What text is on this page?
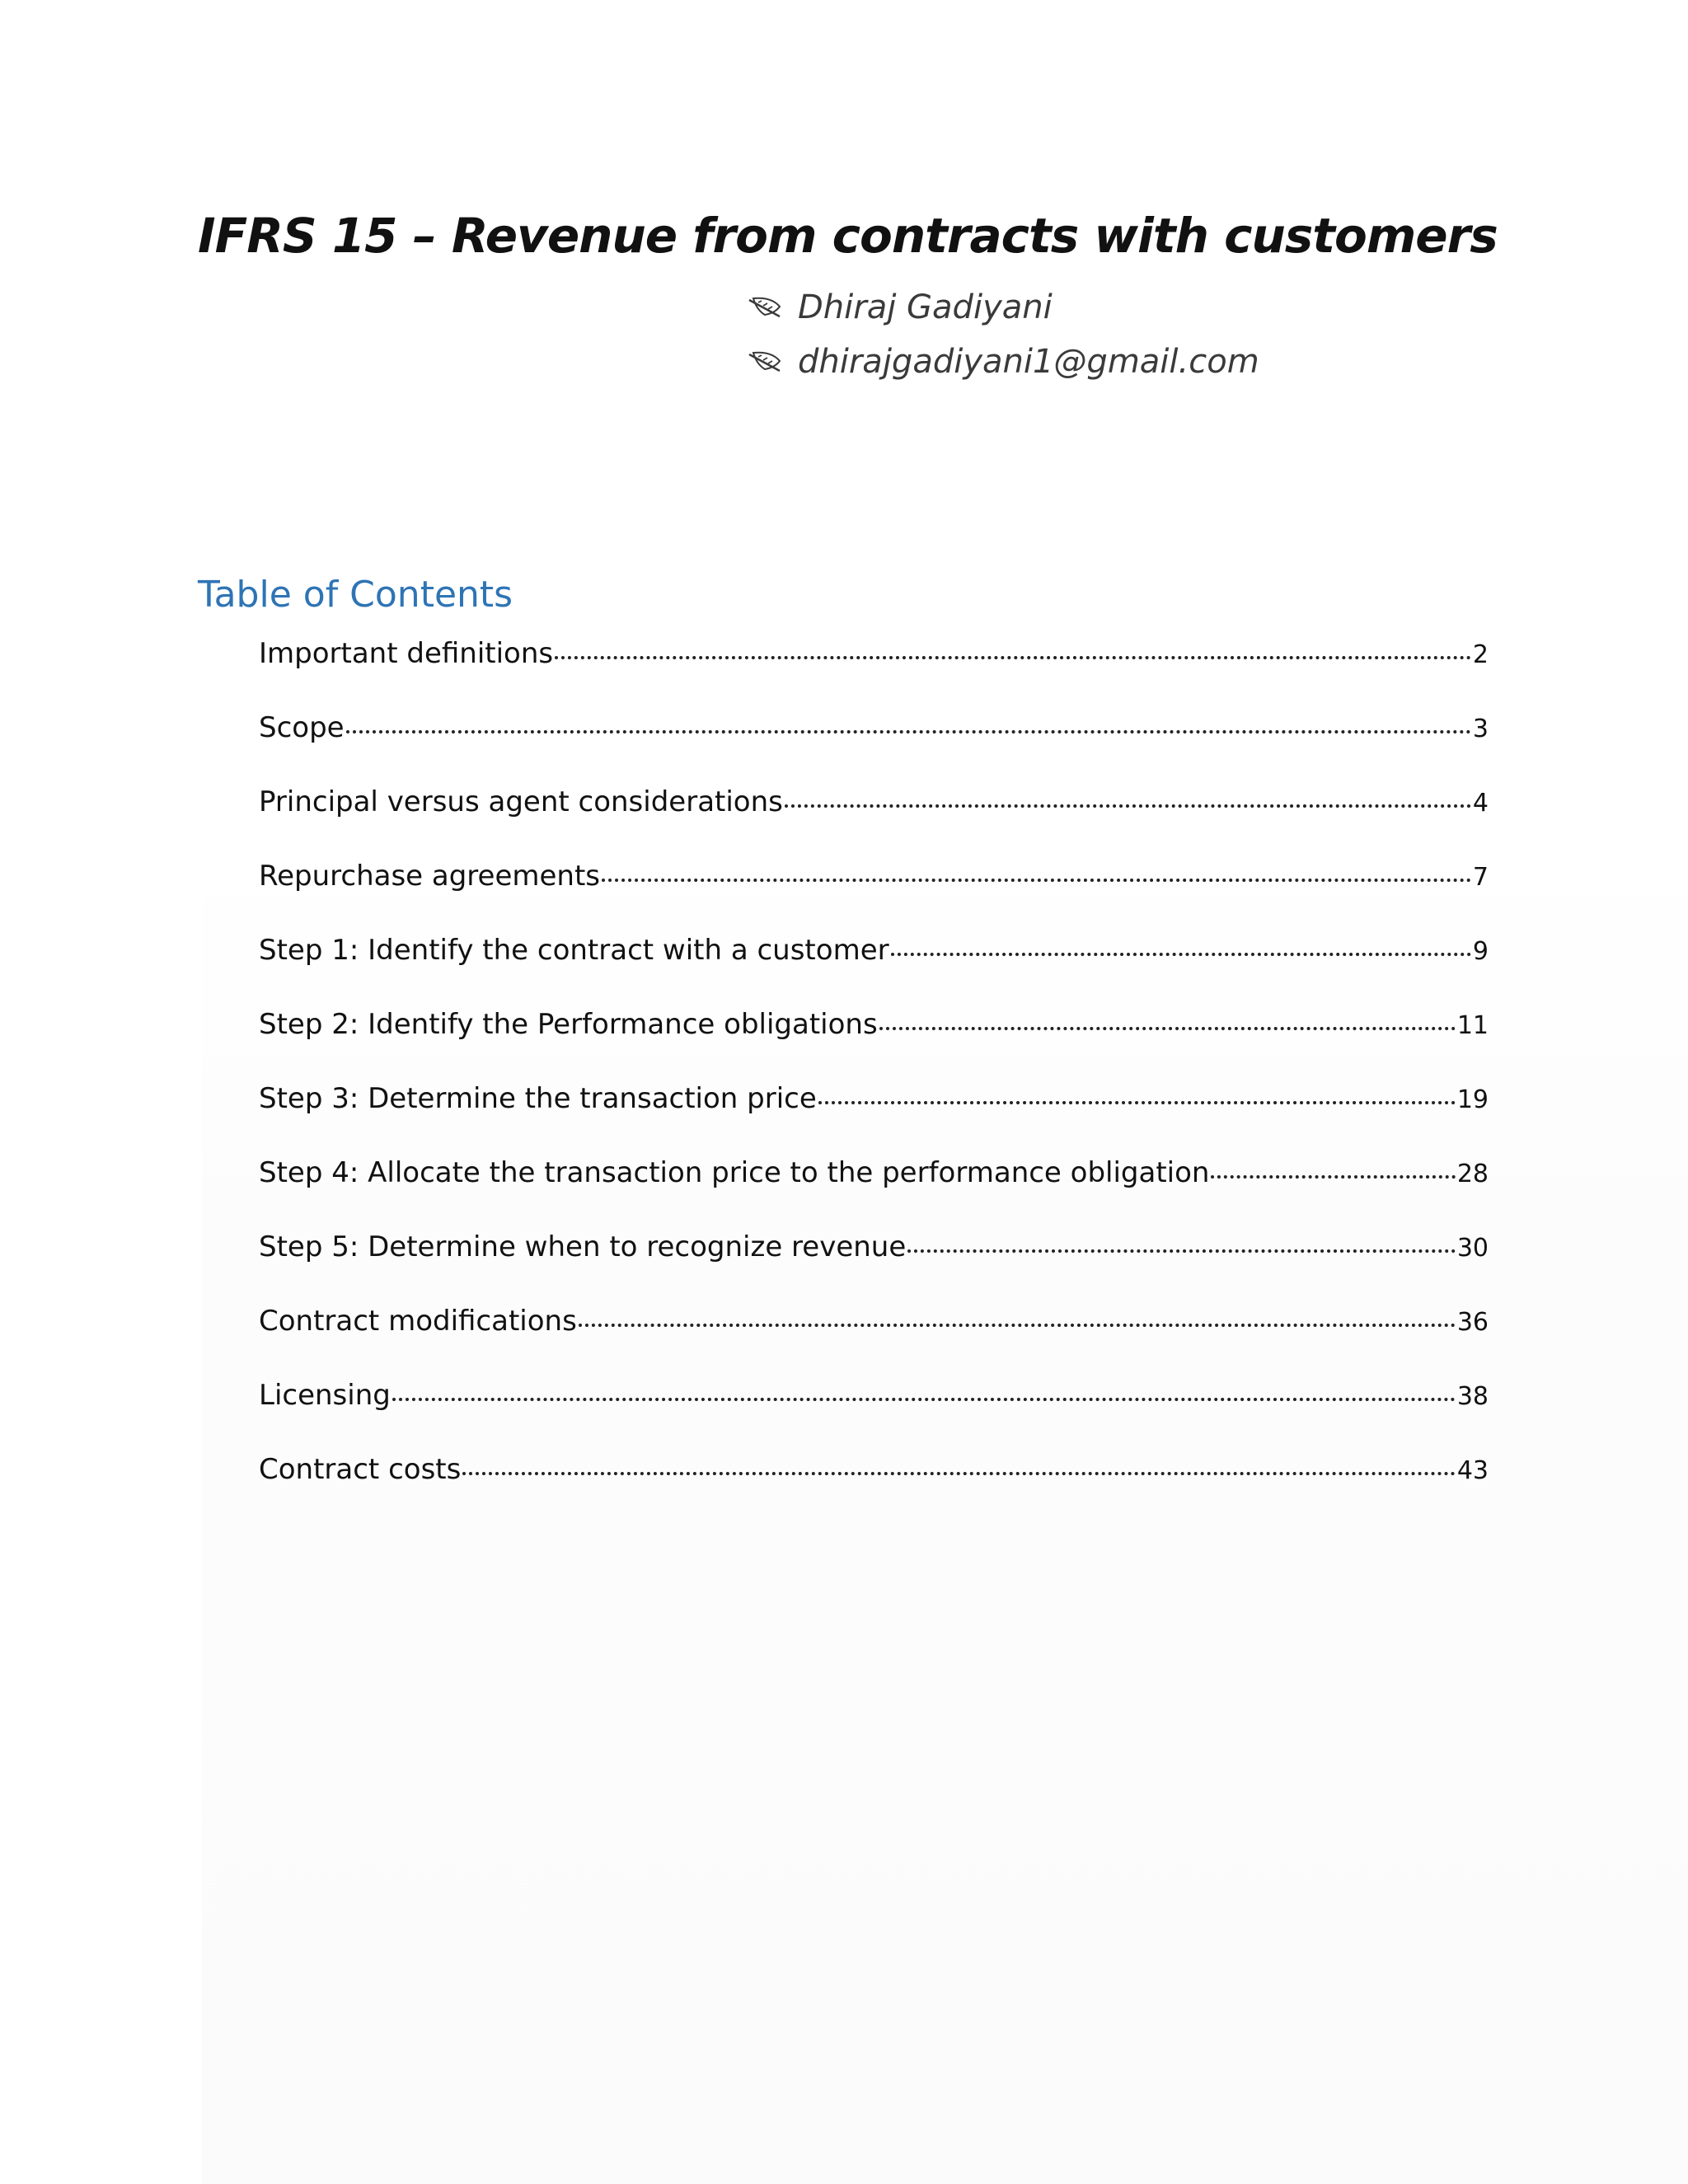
IFRS 15 – Revenue from contracts with customers
Dhiraj Gadiyani
dhirajgadiyani1@gmail.com
Table of Contents
Important definitions	2
Scope	3
Principal versus agent considerations	4
Repurchase agreements	7
Step 1: Identify the contract with a customer	9
Step 2: Identify the Performance obligations	11
Step 3: Determine the transaction price	19
Step 4: Allocate the transaction price to the performance obligation	28
Step 5: Determine when to recognize revenue	30
Contract modifications	36
Licensing	38
Contract costs	43
